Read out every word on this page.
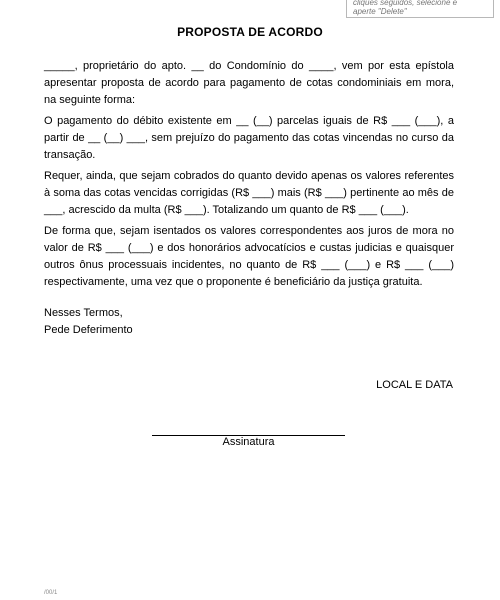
cliques seguidos, selecione e

aperte "Delete"

PROPOSTA DE ACORDO

_____, proprietário do apto. __ do Condomínio do ____, vem por esta epístola apresentar proposta de acordo para pagamento de cotas condominiais em mora, na seguinte forma:

O pagamento do débito existente em __ (__) parcelas iguais de R$ ___ (___), a partir de __ (__) ___, sem prejuízo do pagamento das cotas vincendas no curso da transação.

Requer, ainda, que sejam cobrados do quanto devido apenas os valores referentes à soma das cotas vencidas corrigidas (R$ ___) mais (R$ ___) pertinente ao mês de ___, acrescido da multa (R$ ___). Totalizando um quanto de R$ ___ (___).

De forma que, sejam isentados os valores correspondentes aos juros de mora no valor de R$ ___ (___) e dos honorários advocatícios e custas judicias e quaisquer outros ônus processuais incidentes, no quanto de R$ ___ (___) e R$ ___ (___) respectivamente, uma vez que o proponente é beneficiário da justiça gratuita.

Nesses Termos,

Pede Deferimento

LOCAL E DATA
Assinatura
/00/1
